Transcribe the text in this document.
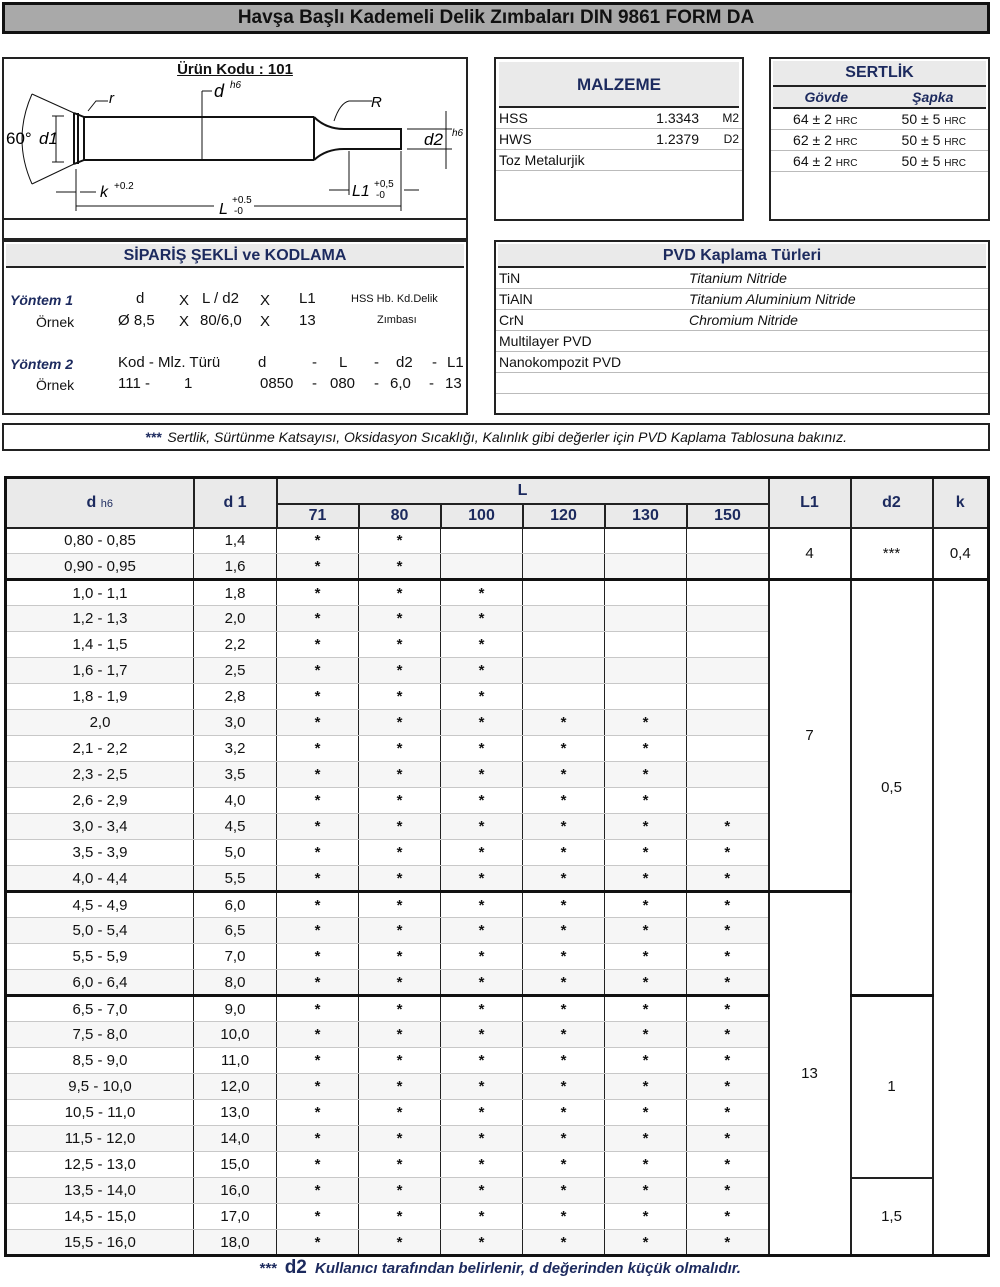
Havşa Başlı Kademeli Delik Zımbaları DIN 9861 FORM DA
Ürün Kodu : 101
60° d1
r	d h6
R
d2 h6
k +0.2	L1 +0,5
-0
L
+0.5
-0
MALZEME
HSS	1.3343	M2
HWS	1.2379	D2
Toz Metalurjik
SERTLİK
Gövde	Şapka
64 ± 2 HRC	50 ± 5 HRC
62 ± 2 HRC	50 ± 5 HRC
64 ± 2 HRC	50 ± 5 HRC
SİPARİŞ ŞEKLİ ve KODLAMA
Yöntem 1	d X L / d2 X L1	HSS Hb. Kd.Delik
Zımbası
Örnek	Ø 8,5 X 80/6,0 X 13
Yöntem 2	Kod - Mlz. Türü	d	- L - d2 - L1
Örnek	111 - 1	0850 - 080 - 6,0 - 13
PVD Kaplama Türleri
TiN	Titanium Nitride
TiAlN	Titanium Aluminium Nitride
CrN	Chromium Nitride
Multilayer PVD
Nanokompozit PVD
*** Sertlik, Sürtünme Katsayısı, Oksidasyon Sıcaklığı, Kalınlık gibi değerler için PVD Kaplama Tablosuna bakınız.
d h6	d 1	L						L1	d2	k
		71	80	100	120	130	150			
0,80 - 0,85	1,4	*	*					4	***	0,4
0,90 - 0,95	1,6	*	*							
1,0 - 1,1	1,8	*	*	*				7	0,5	
1,2 - 1,3	2,0	*	*	*						
1,4 - 1,5	2,2	*	*	*						
1,6 - 1,7	2,5	*	*	*						
1,8 - 1,9	2,8	*	*	*						
2,0	3,0	*	*	*	*	*				
2,1 - 2,2	3,2	*	*	*	*	*				
2,3 - 2,5	3,5	*	*	*	*	*				
2,6 - 2,9	4,0	*	*	*	*	*				
3,0 - 3,4	4,5	*	*	*	*	*	*			
3,5 - 3,9	5,0	*	*	*	*	*	*			
4,0 - 4,4	5,5	*	*	*	*	*	*			
4,5 - 4,9	6,0	*	*	*	*	*	*	13		
5,0 - 5,4	6,5	*	*	*	*	*	*			
5,5 - 5,9	7,0	*	*	*	*	*	*			
6,0 - 6,4	8,0	*	*	*	*	*	*			
6,5 - 7,0	9,0	*	*	*	*	*	*		1	
7,5 - 8,0	10,0	*	*	*	*	*	*			
8,5 - 9,0	11,0	*	*	*	*	*	*			
9,5 - 10,0	12,0	*	*	*	*	*	*			
10,5 - 11,0	13,0	*	*	*	*	*	*			
11,5 - 12,0	14,0	*	*	*	*	*	*			
12,5 - 13,0	15,0	*	*	*	*	*	*			
13,5 - 14,0	16,0	*	*	*	*	*	*		1,5	
14,5 - 15,0	17,0	*	*	*	*	*	*			
15,5 - 16,0	18,0	*	*	*	*	*	*			
*** d2 Kullanıcı tarafından belirlenir, d değerinden küçük olmalıdır.
